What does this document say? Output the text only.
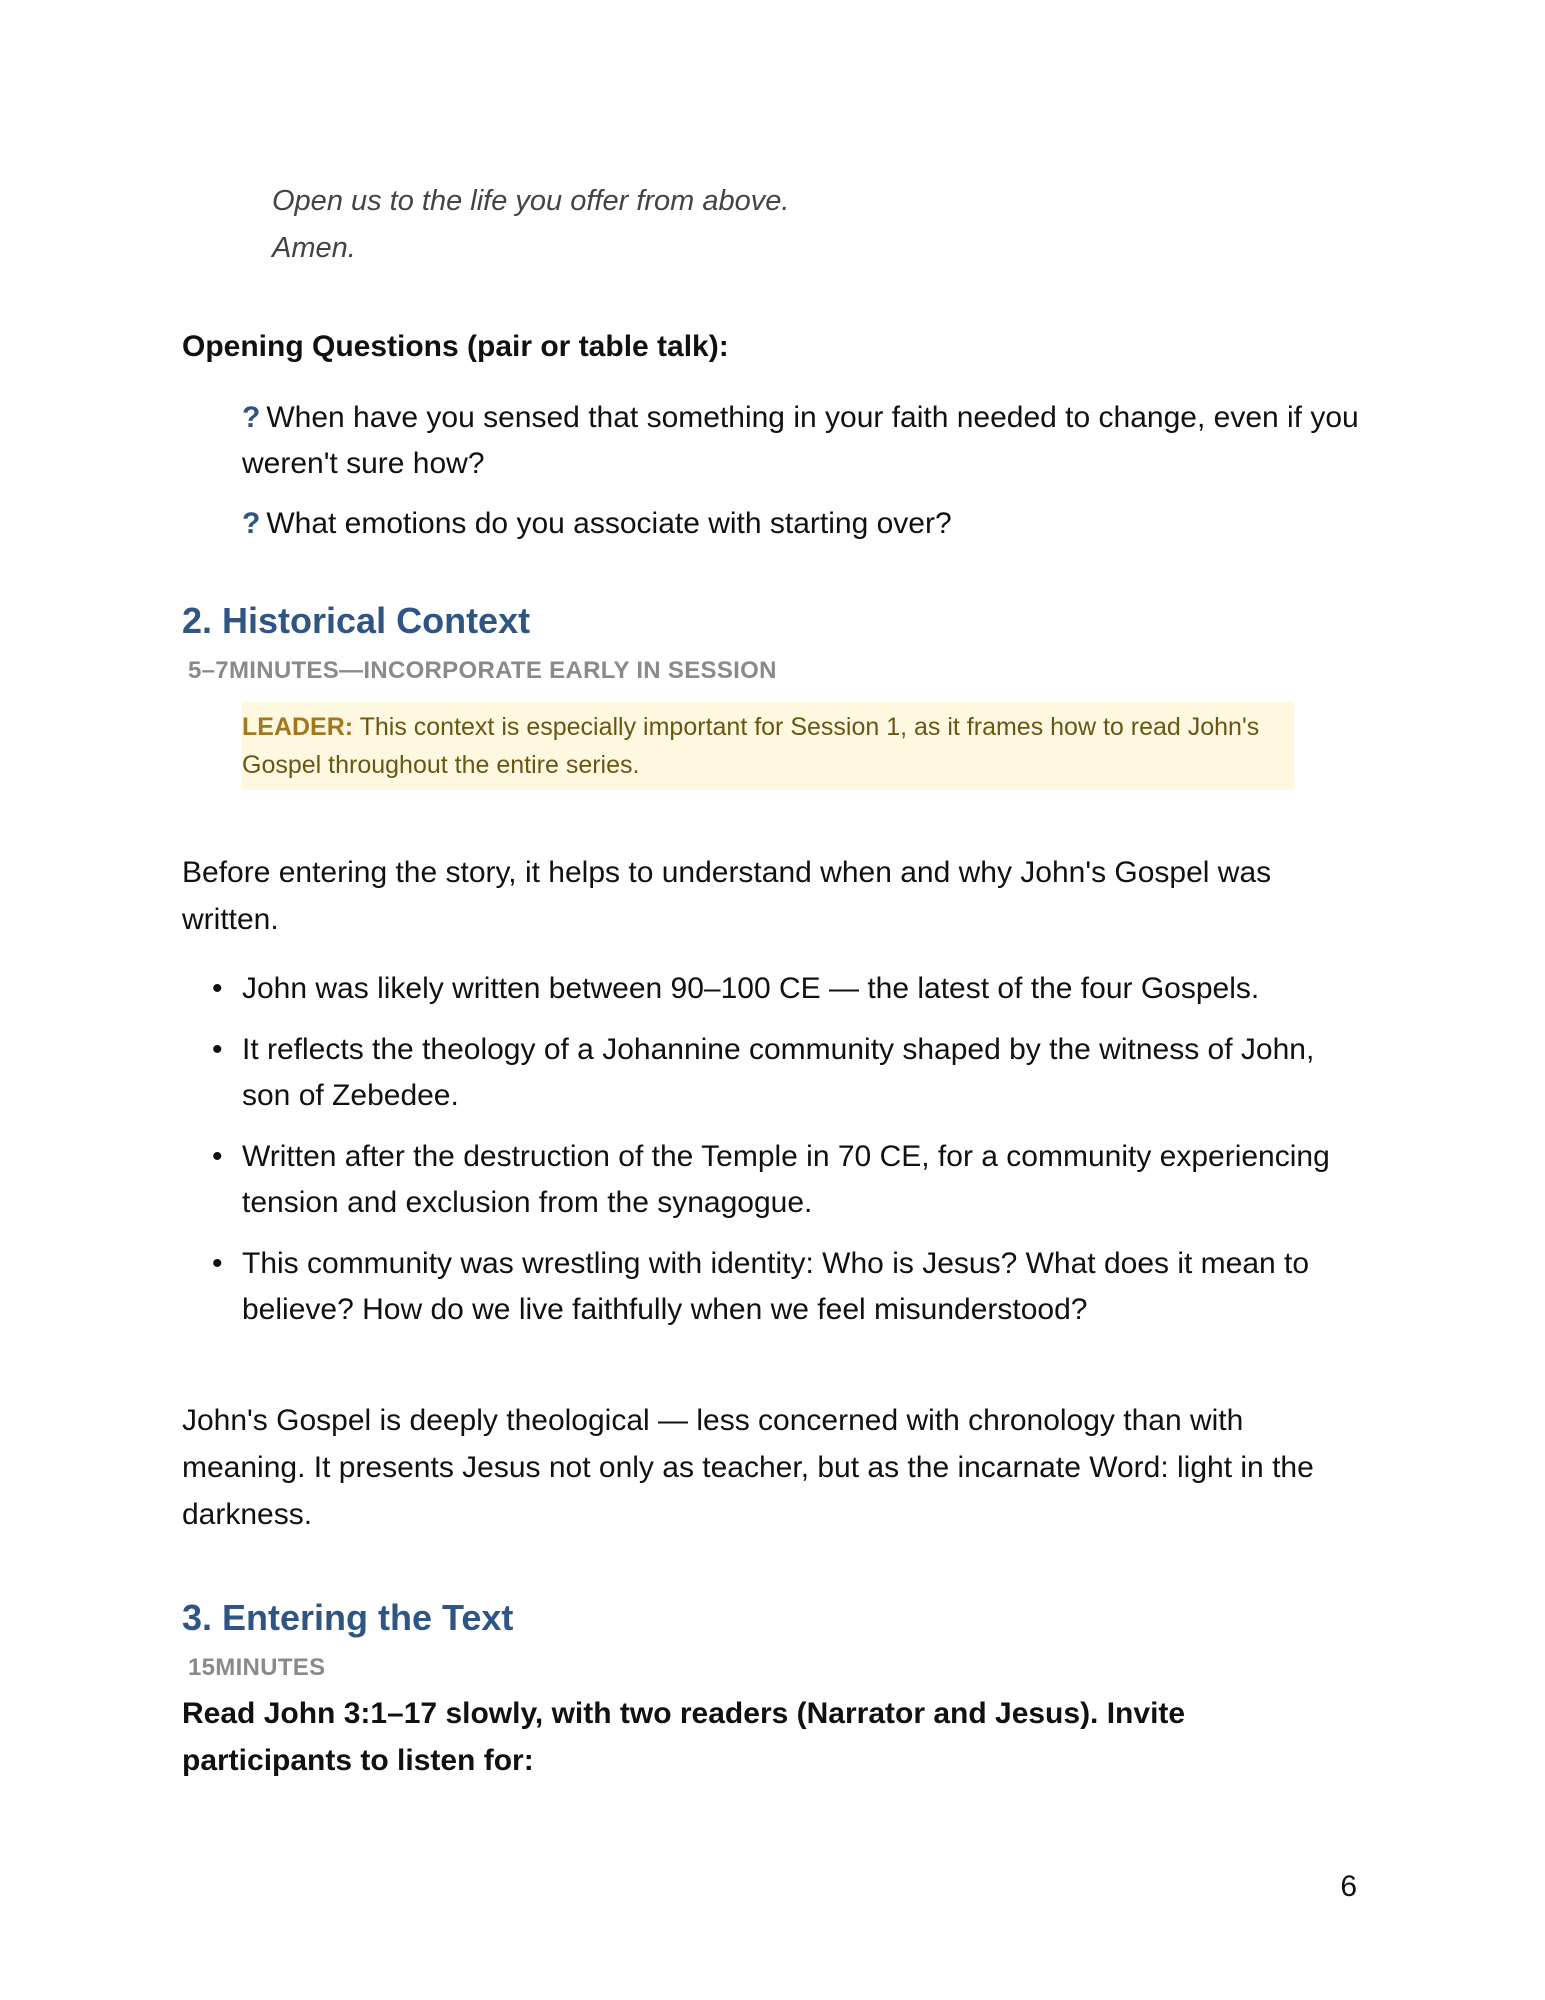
Open us to the life you offer from above.
Amen.
Opening Questions (pair or table talk):
? When have you sensed that something in your faith needed to change, even if you weren't sure how?
? What emotions do you associate with starting over?
2. Historical Context
5–7MINUTES—INCORPORATE EARLY IN SESSION
LEADER: This context is especially important for Session 1, as it frames how to read John's Gospel throughout the entire series.
Before entering the story, it helps to understand when and why John's Gospel was written.
• John was likely written between 90–100 CE — the latest of the four Gospels.
• It reflects the theology of a Johannine community shaped by the witness of John, son of Zebedee.
• Written after the destruction of the Temple in 70 CE, for a community experiencing tension and exclusion from the synagogue.
• This community was wrestling with identity: Who is Jesus? What does it mean to believe? How do we live faithfully when we feel misunderstood?
John's Gospel is deeply theological — less concerned with chronology than with meaning. It presents Jesus not only as teacher, but as the incarnate Word: light in the darkness.
3. Entering the Text
15MINUTES
Read John 3:1–17 slowly, with two readers (Narrator and Jesus). Invite participants to listen for:
6
